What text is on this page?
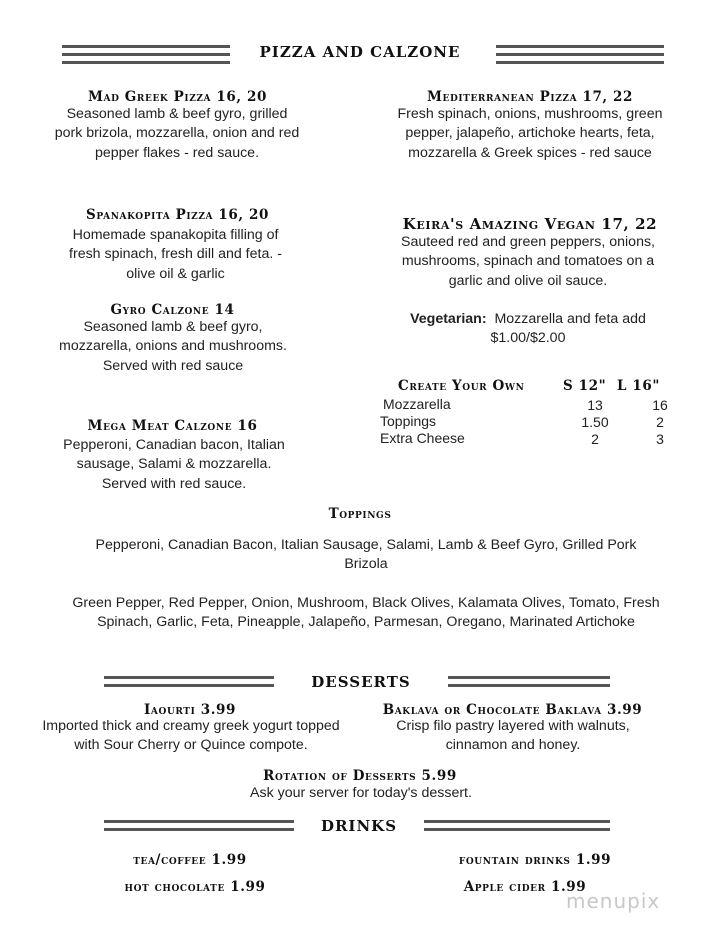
PIZZA AND CALZONE
Mad Greek Pizza 16, 20
Seasoned lamb & beef gyro, grilled pork brizola, mozzarella, onion and red pepper flakes - red sauce.
Mediterranean Pizza 17, 22
Fresh spinach, onions, mushrooms, green pepper, jalapeño, artichoke hearts, feta, mozzarella & Greek spices - red sauce
Spanakopita Pizza 16, 20
Homemade spanakopita filling of fresh spinach, fresh dill and feta. - olive oil & garlic
Keira's Amazing Vegan 17, 22
Sauteed red and green peppers, onions, mushrooms, spinach and tomatoes on a garlic and olive oil sauce.
Vegetarian: Mozzarella and feta add $1.00/$2.00
Gyro Calzone 14
Seasoned lamb & beef gyro, mozzarella, onions and mushrooms. Served with red sauce
Create Your Own	S 12" L 16"
Mozzarella	13	16
Toppings	1.50	2
Extra Cheese	2	3
Mega Meat Calzone 16
Pepperoni, Canadian bacon, Italian sausage, Salami & mozzarella. Served with red sauce.
Toppings
Pepperoni, Canadian Bacon, Italian Sausage, Salami, Lamb & Beef Gyro, Grilled Pork Brizola
Green Pepper, Red Pepper, Onion, Mushroom, Black Olives, Kalamata Olives, Tomato, Fresh Spinach, Garlic, Feta, Pineapple, Jalapeño, Parmesan, Oregano, Marinated Artichoke
DESSERTS
Iaourti 3.99
Imported thick and creamy greek yogurt topped with Sour Cherry or Quince compote.
Baklava or Chocolate Baklava 3.99
Crisp filo pastry layered with walnuts, cinnamon and honey.
Rotation of Desserts 5.99
Ask your server for today's dessert.
DRINKS
tea/coffee 1.99	fountain drinks 1.99
hot chocolate 1.99	Apple cider 1.99
menupix
